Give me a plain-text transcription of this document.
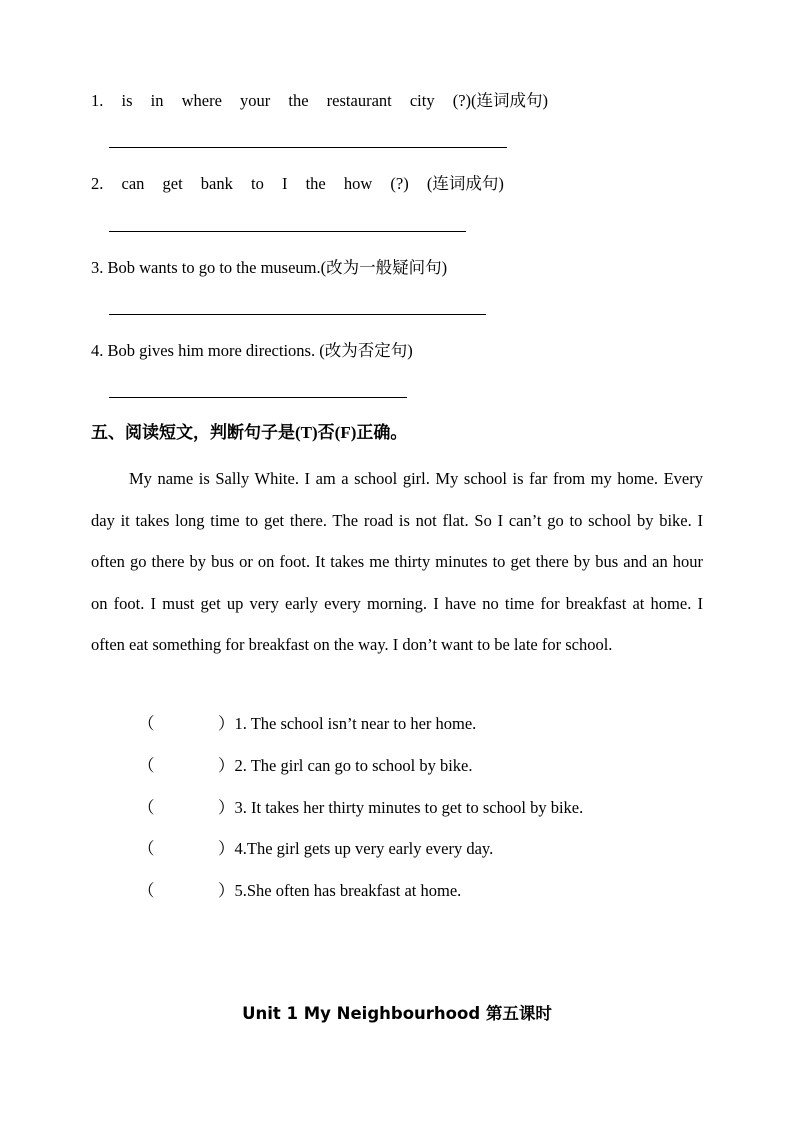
1. is in where your the restaurant city (?)(连词成句)
2. can get bank to I the how (?) (连词成句)
3. Bob wants to go to the museum.(改为一般疑问句)
4. Bob gives him more directions. (改为否定句)
五、阅读短文，判断句子是(T)否(F)正确。
My name is Sally White. I am a school girl. My school is far from my home. Every day it takes long time to get there. The road is not flat. So I can’t go to school by bike. I often go there by bus or on foot. It takes me thirty minutes to get there by bus and an hour on foot. I must get up very early every morning. I have no time for breakfast at home. I often eat something for breakfast on the way. I don’t want to be late for school.
（	）1. The school isn’t near to her home.
（	）2. The girl can go to school by bike.
（	）3. It takes her thirty minutes to get to school by bike.
（	）4.The girl gets up very early every day.
（	）5.She often has breakfast at home.
Unit 1 My Neighbourhood 第五课时
